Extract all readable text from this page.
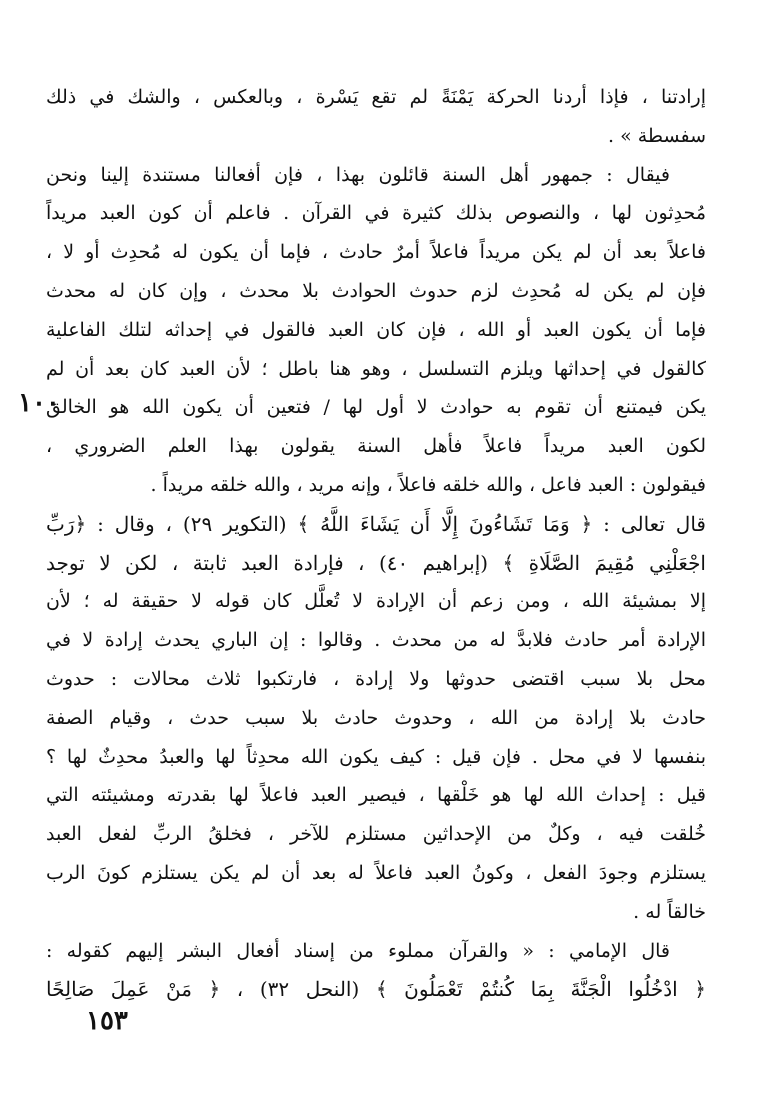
إرادتنا ، فإذا أردنا الحركة يَمْنَةً لم تقع يَسْرة ، وبالعكس ، والشك في ذلك
سفسطة » .
فيقال : جمهور أهل السنة قائلون بهذا ، فإن أفعالنا مستندة إلينا ونحن
مُحدِثون لها ، والنصوص بذلك كثيرة في القرآن . فاعلم أن كون العبد مريداً
فاعلاً بعد أن لم يكن مريداً فاعلاً أمرٌ حادث ، فإما أن يكون له مُحدِث أو لا ،
فإن لم يكن له مُحدِث لزم حدوث الحوادث بلا محدث ، وإن كان له محدث
فإما أن يكون العبد أو الله ، فإن كان العبد فالقول في إحداثه لتلك الفاعلية
كالقول في إحداثها ويلزم التسلسل ، وهو هنا باطل ؛ لأن العبد كان بعد أن لم
يكن فيمتنع أن تقوم به حوادث لا أول لها / فتعين أن يكون الله هو الخالق
لكون العبد مريداً فاعلاً فأهل السنة يقولون بهذا العلم الضروري ،
فيقولون : العبد فاعل ، والله خلقه فاعلاً ، وإنه مريد ، والله خلقه مريداً .
قال تعالى : ﴿ وَمَا تَشَاءُونَ إِلَّا أَن يَشَاءَ اللَّهُ ﴾ (التكوير ٢٩) ، وقال : ﴿رَبِّ
اجْعَلْنِي مُقِيمَ الصَّلَاةِ ﴾ (إبراهيم ٤٠) ، فإرادة العبد ثابتة ، لكن لا توجد
إلا بمشيئة الله ، ومن زعم أن الإرادة لا تُعلَّل كان قوله لا حقيقة له ؛ لأن
الإرادة أمر حادث فلابدَّ له من محدث . وقالوا : إن الباري يحدث إرادة لا في
محل بلا سبب اقتضى حدوثها ولا إرادة ، فارتكبوا ثلاث محالات : حدوث
حادث بلا إرادة من الله ، وحدوث حادث بلا سبب حدث ، وقيام الصفة
بنفسها لا في محل . فإن قيل : كيف يكون الله محدِثاً لها والعبدُ محدِثٌ لها ؟
قيل : إحداث الله لها هو خَلْقها ، فيصير العبد فاعلاً لها بقدرته ومشيئته التي
خُلقت فيه ، وكلٌ من الإحداثين مستلزم للآخر ، فخلقُ الربِّ لفعل العبد
يستلزم وجودَ الفعل ، وكونُ العبد فاعلاً له بعد أن لم يكن يستلزم كونَ الرب
خالقاً له .
قال الإمامي : « والقرآن مملوء من إسناد أفعال البشر إليهم كقوله :
﴿ ادْخُلُوا الْجَنَّةَ بِمَا كُنتُمْ تَعْمَلُونَ ﴾ (النحل ٣٢) ، ﴿ مَنْ عَمِلَ صَالِحًا
١٠٠
١٥٣
